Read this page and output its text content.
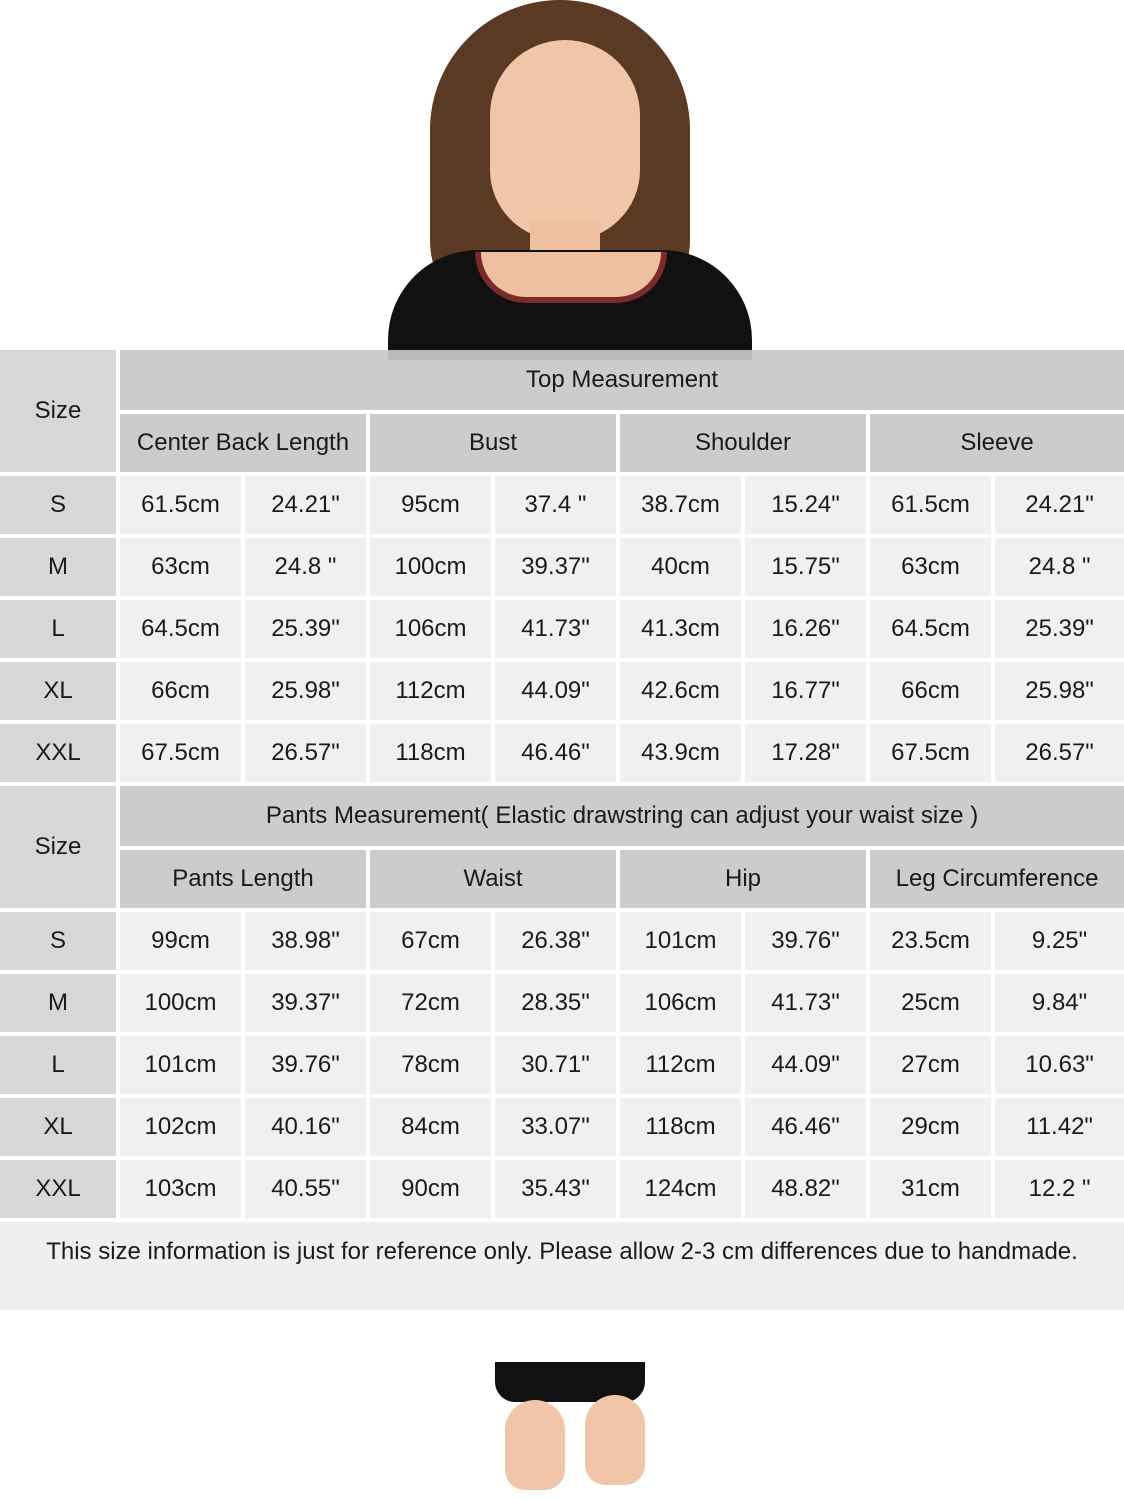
Size	Top Measurement							
	Center Back Length		Bust		Shoulder		Sleeve	
S	61.5cm	24.21"	95cm	37.4 "	38.7cm	15.24"	61.5cm	24.21"
M	63cm	24.8 "	100cm	39.37"	40cm	15.75"	63cm	24.8 "
L	64.5cm	25.39"	106cm	41.73"	41.3cm	16.26"	64.5cm	25.39"
XL	66cm	25.98"	112cm	44.09"	42.6cm	16.77"	66cm	25.98"
XXL	67.5cm	26.57"	118cm	46.46"	43.9cm	17.28"	67.5cm	26.57"
Size	Pants Measurement( Elastic drawstring can adjust your waist size )							
	Pants Length		Waist		Hip		Leg Circumference	
S	99cm	38.98"	67cm	26.38"	101cm	39.76"	23.5cm	9.25"
M	100cm	39.37"	72cm	28.35"	106cm	41.73"	25cm	9.84"
L	101cm	39.76"	78cm	30.71"	112cm	44.09"	27cm	10.63"
XL	102cm	40.16"	84cm	33.07"	118cm	46.46"	29cm	11.42"
XXL	103cm	40.55"	90cm	35.43"	124cm	48.82"	31cm	12.2 "
This size information is just for reference only. Please allow 2-3 cm differences due to handmade.
